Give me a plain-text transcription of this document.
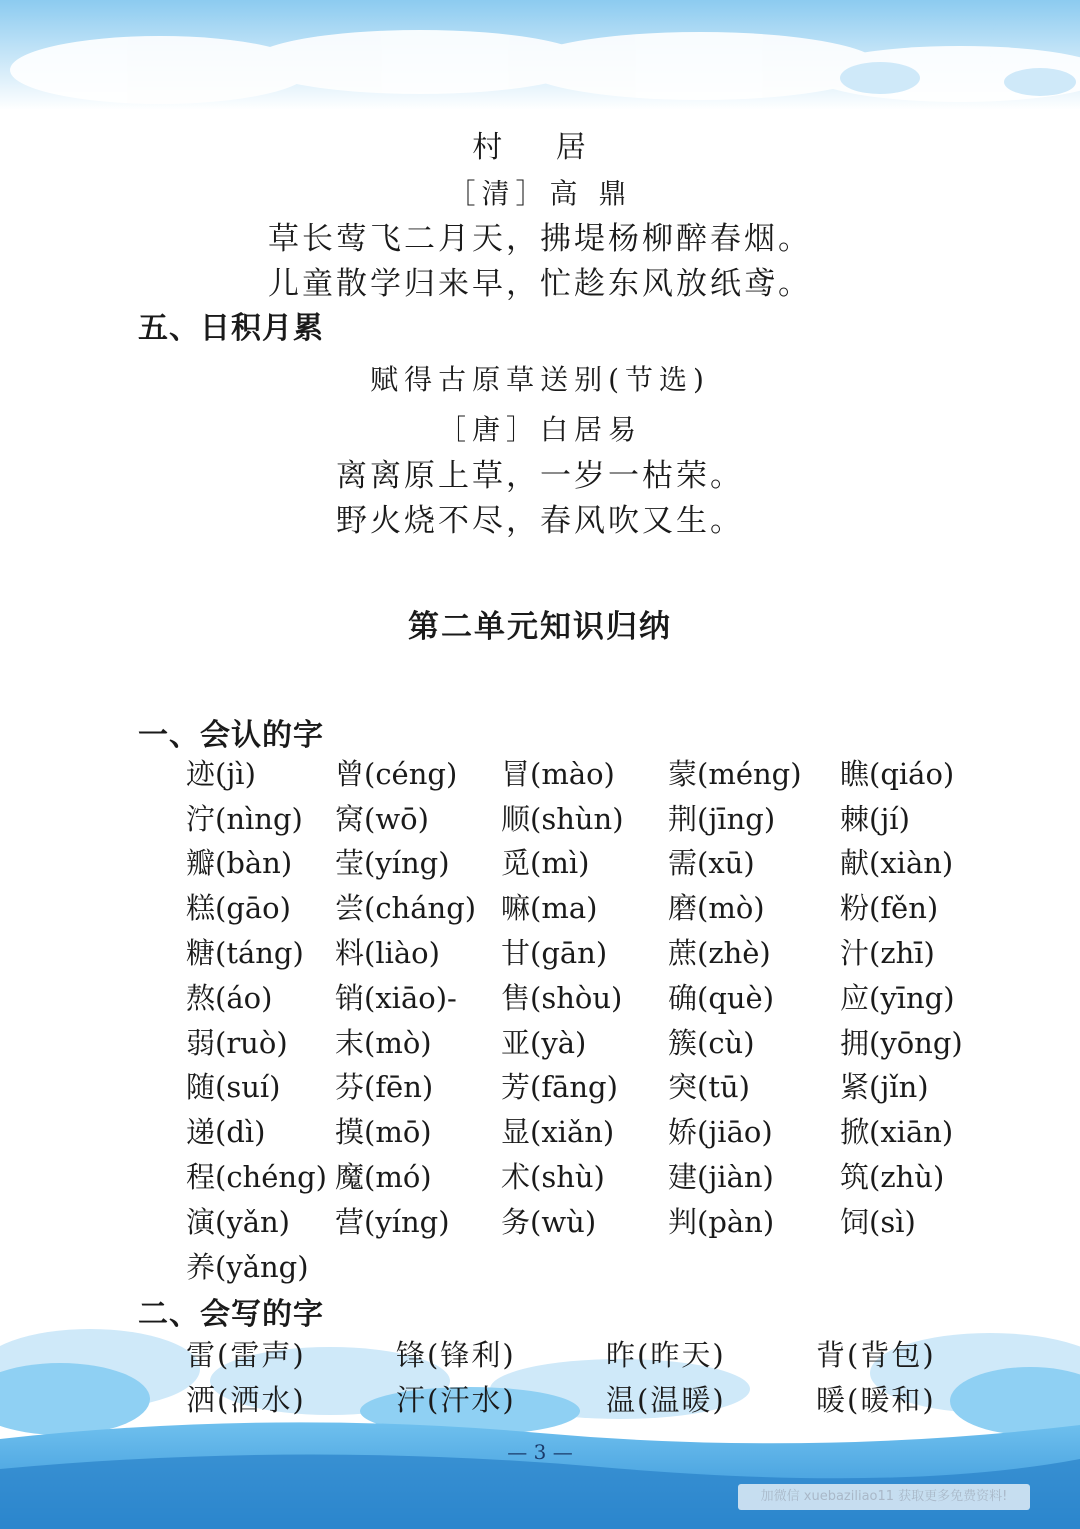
村 居
［清］高 鼎
草长莺飞二月天，拂堤杨柳醉春烟。
儿童散学归来早，忙趁东风放纸鸢。
五、日积月累
赋得古原草送别(节选)
［唐］白居易
离离原上草，一岁一枯荣。
野火烧不尽，春风吹又生。
第二单元知识归纳
一、会认的字
迹(jì)	曾(céng)	冒(mào)	蒙(méng)	瞧(qiáo)
泞(nìng)	窝(wō)	顺(shùn)	荆(jīng)	棘(jí)
瓣(bàn)	莹(yíng)	觅(mì)	需(xū)	献(xiàn)
糕(gāo)	尝(cháng) 嘛(ma)	磨(mò)	粉(fěn)
糖(táng)	料(liào)	甘(gān)	蔗(zhè)	汁(zhī)
熬(áo)	销(xiāo)-	售(shòu)	确(què)	应(yīng)
弱(ruò)	末(mò)	亚(yà)	簇(cù)	拥(yōng)
随(suí)	芬(fēn)	芳(fāng)	突(tū)	紧(jǐn)
递(dì)	摸(mō)	显(xiǎn)	娇(jiāo)	掀(xiān)
程(chéng) 魔(mó)	术(shù)	建(jiàn)	筑(zhù)
演(yǎn)	营(yíng)	务(wù)	判(pàn)	饲(sì)
养(yǎng)
二、会写的字
雷(雷声)	锋(锋利)	昨(昨天)	背(背包)
洒(洒水)	汗(汗水)	温(温暖)	暖(暖和)
— 3 —
加微信 xuebaziliao11 获取更多免费资料!
